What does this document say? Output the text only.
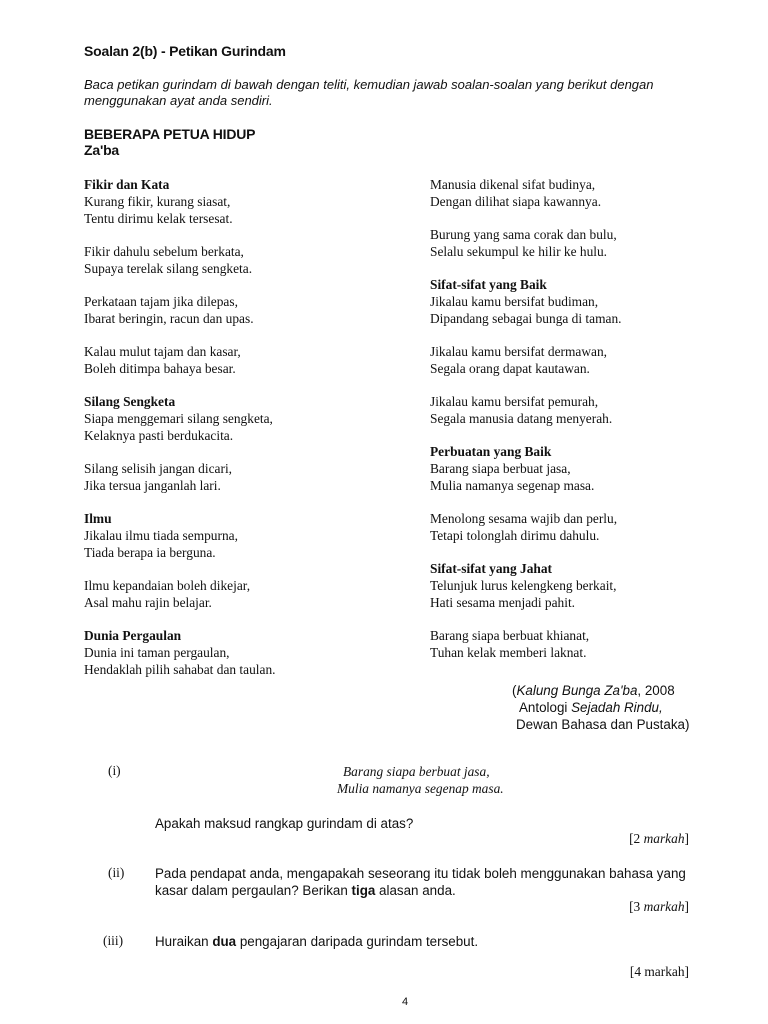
Soalan 2(b) - Petikan Gurindam
Baca petikan gurindam di bawah dengan teliti, kemudian jawab soalan-soalan yang berikut dengan menggunakan ayat anda sendiri.
BEBERAPA PETUA HIDUP
Za'ba
Fikir dan Kata
Kurang fikir, kurang siasat,
Tentu dirimu kelak tersesat.
Fikir dahulu sebelum berkata,
Supaya terelak silang sengketa.
Perkataan tajam jika dilepas,
Ibarat beringin, racun dan upas.
Kalau mulut tajam dan kasar,
Boleh ditimpa bahaya besar.
Silang Sengketa
Siapa menggemari silang sengketa,
Kelaknya pasti berdukacita.
Silang selisih jangan dicari,
Jika tersua janganlah lari.
Ilmu
Jikalau ilmu tiada sempurna,
Tiada berapa ia berguna.
Ilmu kepandaian boleh dikejar,
Asal mahu rajin belajar.
Dunia Pergaulan
Dunia ini taman pergaulan,
Hendaklah pilih sahabat dan taulan.
Manusia dikenal sifat budinya,
Dengan dilihat siapa kawannya.
Burung yang sama corak dan bulu,
Selalu sekumpul ke hilir ke hulu.
Sifat-sifat yang Baik
Jikalau kamu bersifat budiman,
Dipandang sebagai bunga di taman.
Jikalau kamu bersifat dermawan,
Segala orang dapat kautawan.
Jikalau kamu bersifat pemurah,
Segala manusia datang menyerah.
Perbuatan yang Baik
Barang siapa berbuat jasa,
Mulia namanya segenap masa.
Menolong sesama wajib dan perlu,
Tetapi tolonglah dirimu dahulu.
Sifat-sifat yang Jahat
Telunjuk lurus kelengkeng berkait,
Hati sesama menjadi pahit.
Barang siapa berbuat khianat,
Tuhan kelak memberi laknat.
(Kalung Bunga Za'ba, 2008
Antologi Sejadah Rindu,
Dewan Bahasa dan Pustaka)
(i)	Barang siapa berbuat jasa,
Mulia namanya segenap masa.
Apakah maksud rangkap gurindam di atas?
[2 markah]
(ii) Pada pendapat anda, mengapakah seseorang itu tidak boleh menggunakan bahasa yang
kasar dalam pergaulan? Berikan tiga alasan anda.
[3 markah]
(iii) Huraikan dua pengajaran daripada gurindam tersebut.
[4 markah]
4
